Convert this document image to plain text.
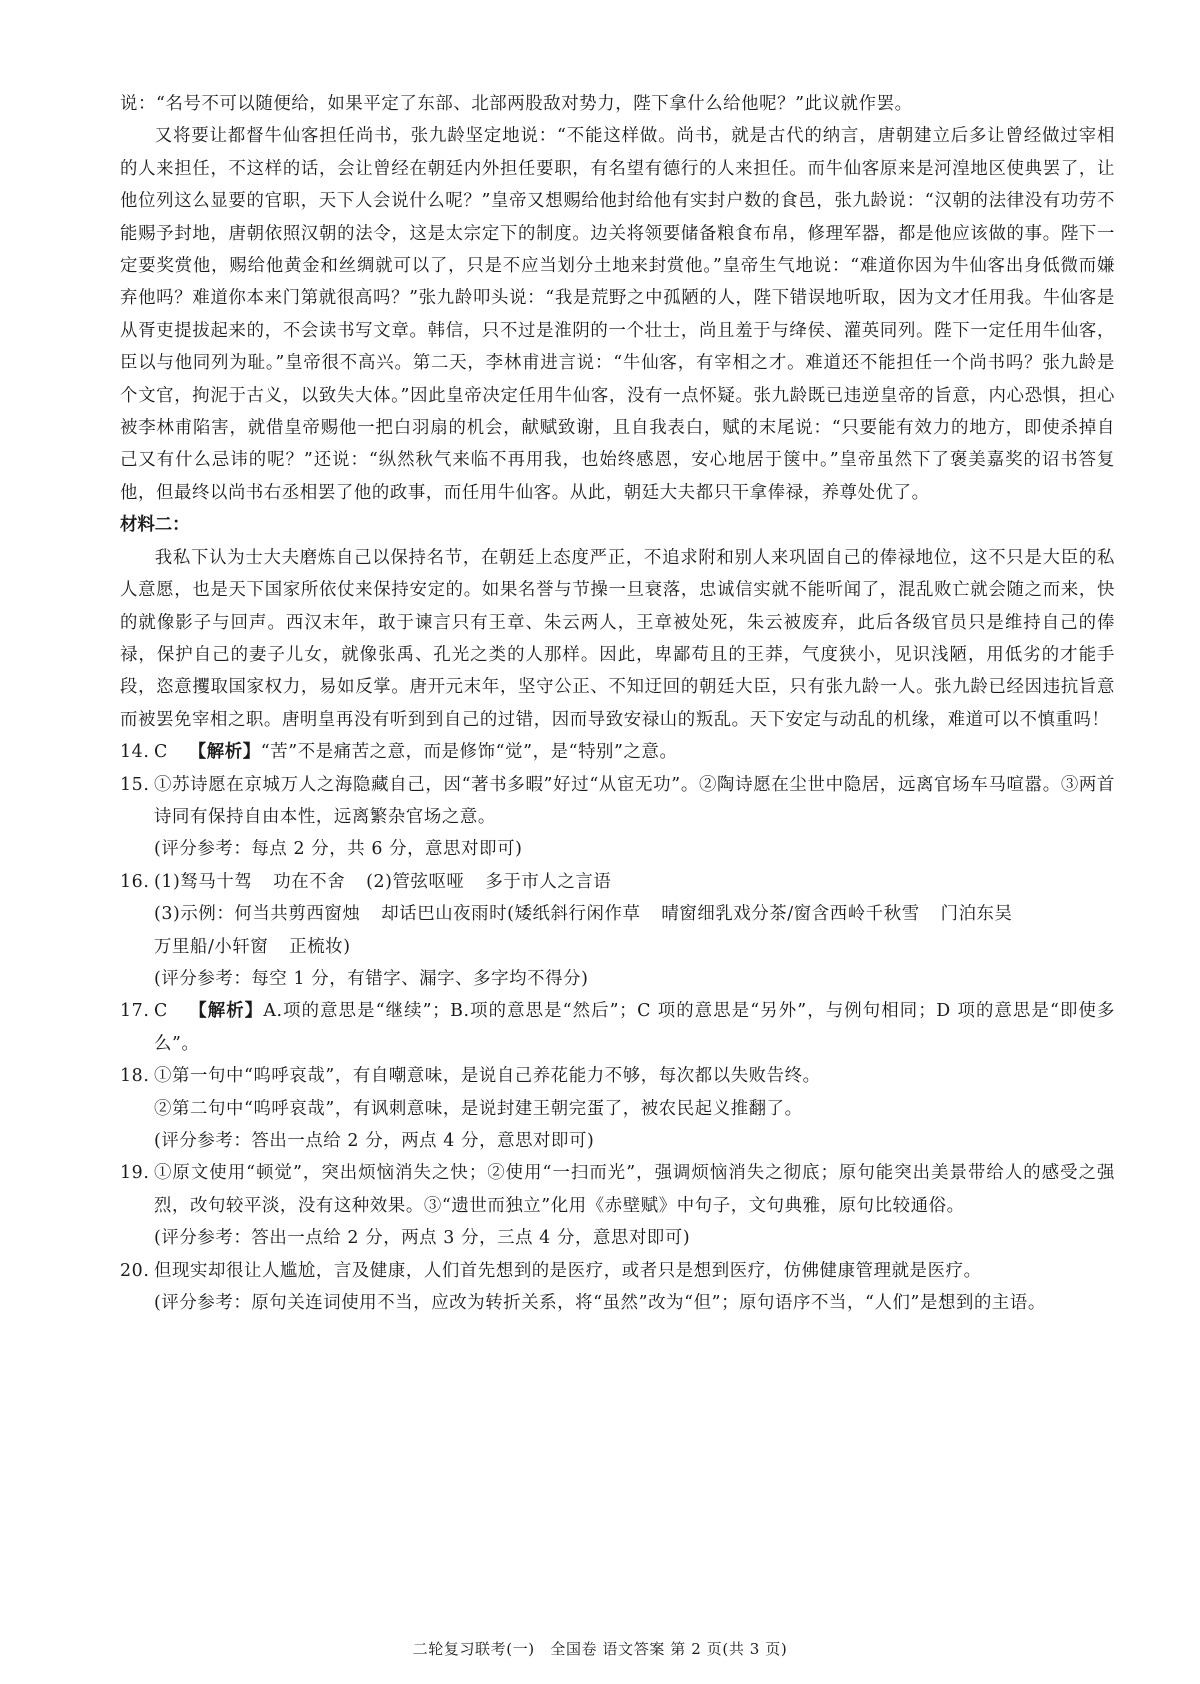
说：“名号不可以随便给，如果平定了东部、北部两股敌对势力，陛下拿什么给他呢？”此议就作罢。

又将要让都督牛仙客担任尚书，张九龄坚定地说：“不能这样做。尚书，就是古代的纳言，唐朝建立后多让曾经做过宰相的人来担任，不这样的话，会让曾经在朝廷内外担任要职，有名望有德行的人来担任。而牛仙客原来是河湟地区使典罢了，让他位列这么显要的官职，天下人会说什么呢？”皇帝又想赐给他封给他有实封户数的食邑，张九龄说：“汉朝的法律没有功劳不能赐予封地，唐朝依照汉朝的法令，这是太宗定下的制度。边关将领要储备粮食布帛，修理军器，都是他应该做的事。陛下一定要奖赏他，赐给他黄金和丝绸就可以了，只是不应当划分土地来封赏他。”皇帝生气地说：“难道你因为牛仙客出身低微而嫌弃他吗？难道你本来门第就很高吗？”张九龄叩头说：“我是荒野之中孤陋的人，陛下错误地听取，因为文才任用我。牛仙客是从胥吏提拔起来的，不会读书写文章。韩信，只不过是淮阴的一个壮士，尚且羞于与绛侯、灌英同列。陛下一定任用牛仙客，臣以与他同列为耻。”皇帝很不高兴。第二天，李林甫进言说：“牛仙客，有宰相之才。难道还不能担任一个尚书吗？张九龄是个文官，拘泥于古义，以致失大体。”因此皇帝决定任用牛仙客，没有一点怀疑。张九龄既已违逆皇帝的旨意，内心恐惧，担心被李林甫陷害，就借皇帝赐他一把白羽扇的机会，献赋致谢，且自我表白，赋的末尾说：“只要能有效力的地方，即使杀掉自己又有什么忌讳的呢？”还说：“纵然秋气来临不再用我，也始终感恩，安心地居于箧中。”皇帝虽然下了褒美嘉奖的诏书答复他，但最终以尚书右丞相罢了他的政事，而任用牛仙客。从此，朝廷大夫都只干拿俸禄，养尊处优了。

材料二：

我私下认为士大夫磨炼自己以保持名节，在朝廷上态度严正，不追求附和别人来巩固自己的俸禄地位，这不只是大臣的私人意愿，也是天下国家所依仗来保持安定的。如果名誉与节操一旦衰落，忠诚信实就不能听闻了，混乱败亡就会随之而来，快的就像影子与回声。西汉末年，敢于谏言只有王章、朱云两人，王章被处死，朱云被废弃，此后各级官员只是维持自己的俸禄，保护自己的妻子儿女，就像张禹、孔光之类的人那样。因此，卑鄙苟且的王莽，气度狭小，见识浅陋，用低劣的才能手段，恣意攫取国家权力，易如反掌。唐开元末年，坚守公正、不知迂回的朝廷大臣，只有张九龄一人。张九龄已经因违抗旨意而被罢免宰相之职。唐明皇再没有听到到自己的过错，因而导致安禄山的叛乱。天下安定与动乱的机缘，难道可以不慎重吗！

14. C 【解析】“苦”不是痛苦之意，而是修饰“觉”，是“特别”之意。
15. ①苏诗愿在京城万人之海隐藏自己，因“著书多暇”好过“从宦无功”。②陶诗愿在尘世中隐居，远离官场车马喧嚣。③两首诗同有保持自由本性，远离繁杂官场之意。

(评分参考：每点 2 分，共 6 分，意思对即可)

16. (1)驽马十驾 功在不舍 (2)管弦呕哑 多于市人之言语

(3)示例：何当共剪西窗烛 却话巴山夜雨时(矮纸斜行闲作草 晴窗细乳戏分茶/窗含西岭千秋雪 门泊东吴
万里船/小轩窗 正梳妆)

(评分参考：每空 1 分，有错字、漏字、多字均不得分)

17. C 【解析】A.项的意思是“继续”；B.项的意思是“然后”；C 项的意思是“另外”，与例句相同；D 项的意思是“即使多么”。
18. ①第一句中“呜呼哀哉”，有自嘲意味，是说自己养花能力不够，每次都以失败告终。

②第二句中“呜呼哀哉”，有讽刺意味，是说封建王朝完蛋了，被农民起义推翻了。

(评分参考：答出一点给 2 分，两点 4 分，意思对即可)

19. ①原文使用“顿觉”，突出烦恼消失之快；②使用“一扫而光”，强调烦恼消失之彻底；原句能突出美景带给人的感受之强烈，改句较平淡，没有这种效果。③“遗世而独立”化用《赤壁赋》中句子，文句典雅，原句比较通俗。

(评分参考：答出一点给 2 分，两点 3 分，三点 4 分，意思对即可)

20. 但现实却很让人尴尬，言及健康，人们首先想到的是医疗，或者只是想到医疗，仿佛健康管理就是医疗。

(评分参考：原句关连词使用不当，应改为转折关系，将“虽然”改为“但”；原句语序不当，“人们”是想到的主语。

二轮复习联考(一)　全国卷 语文答案 第 2 页(共 3 页)
